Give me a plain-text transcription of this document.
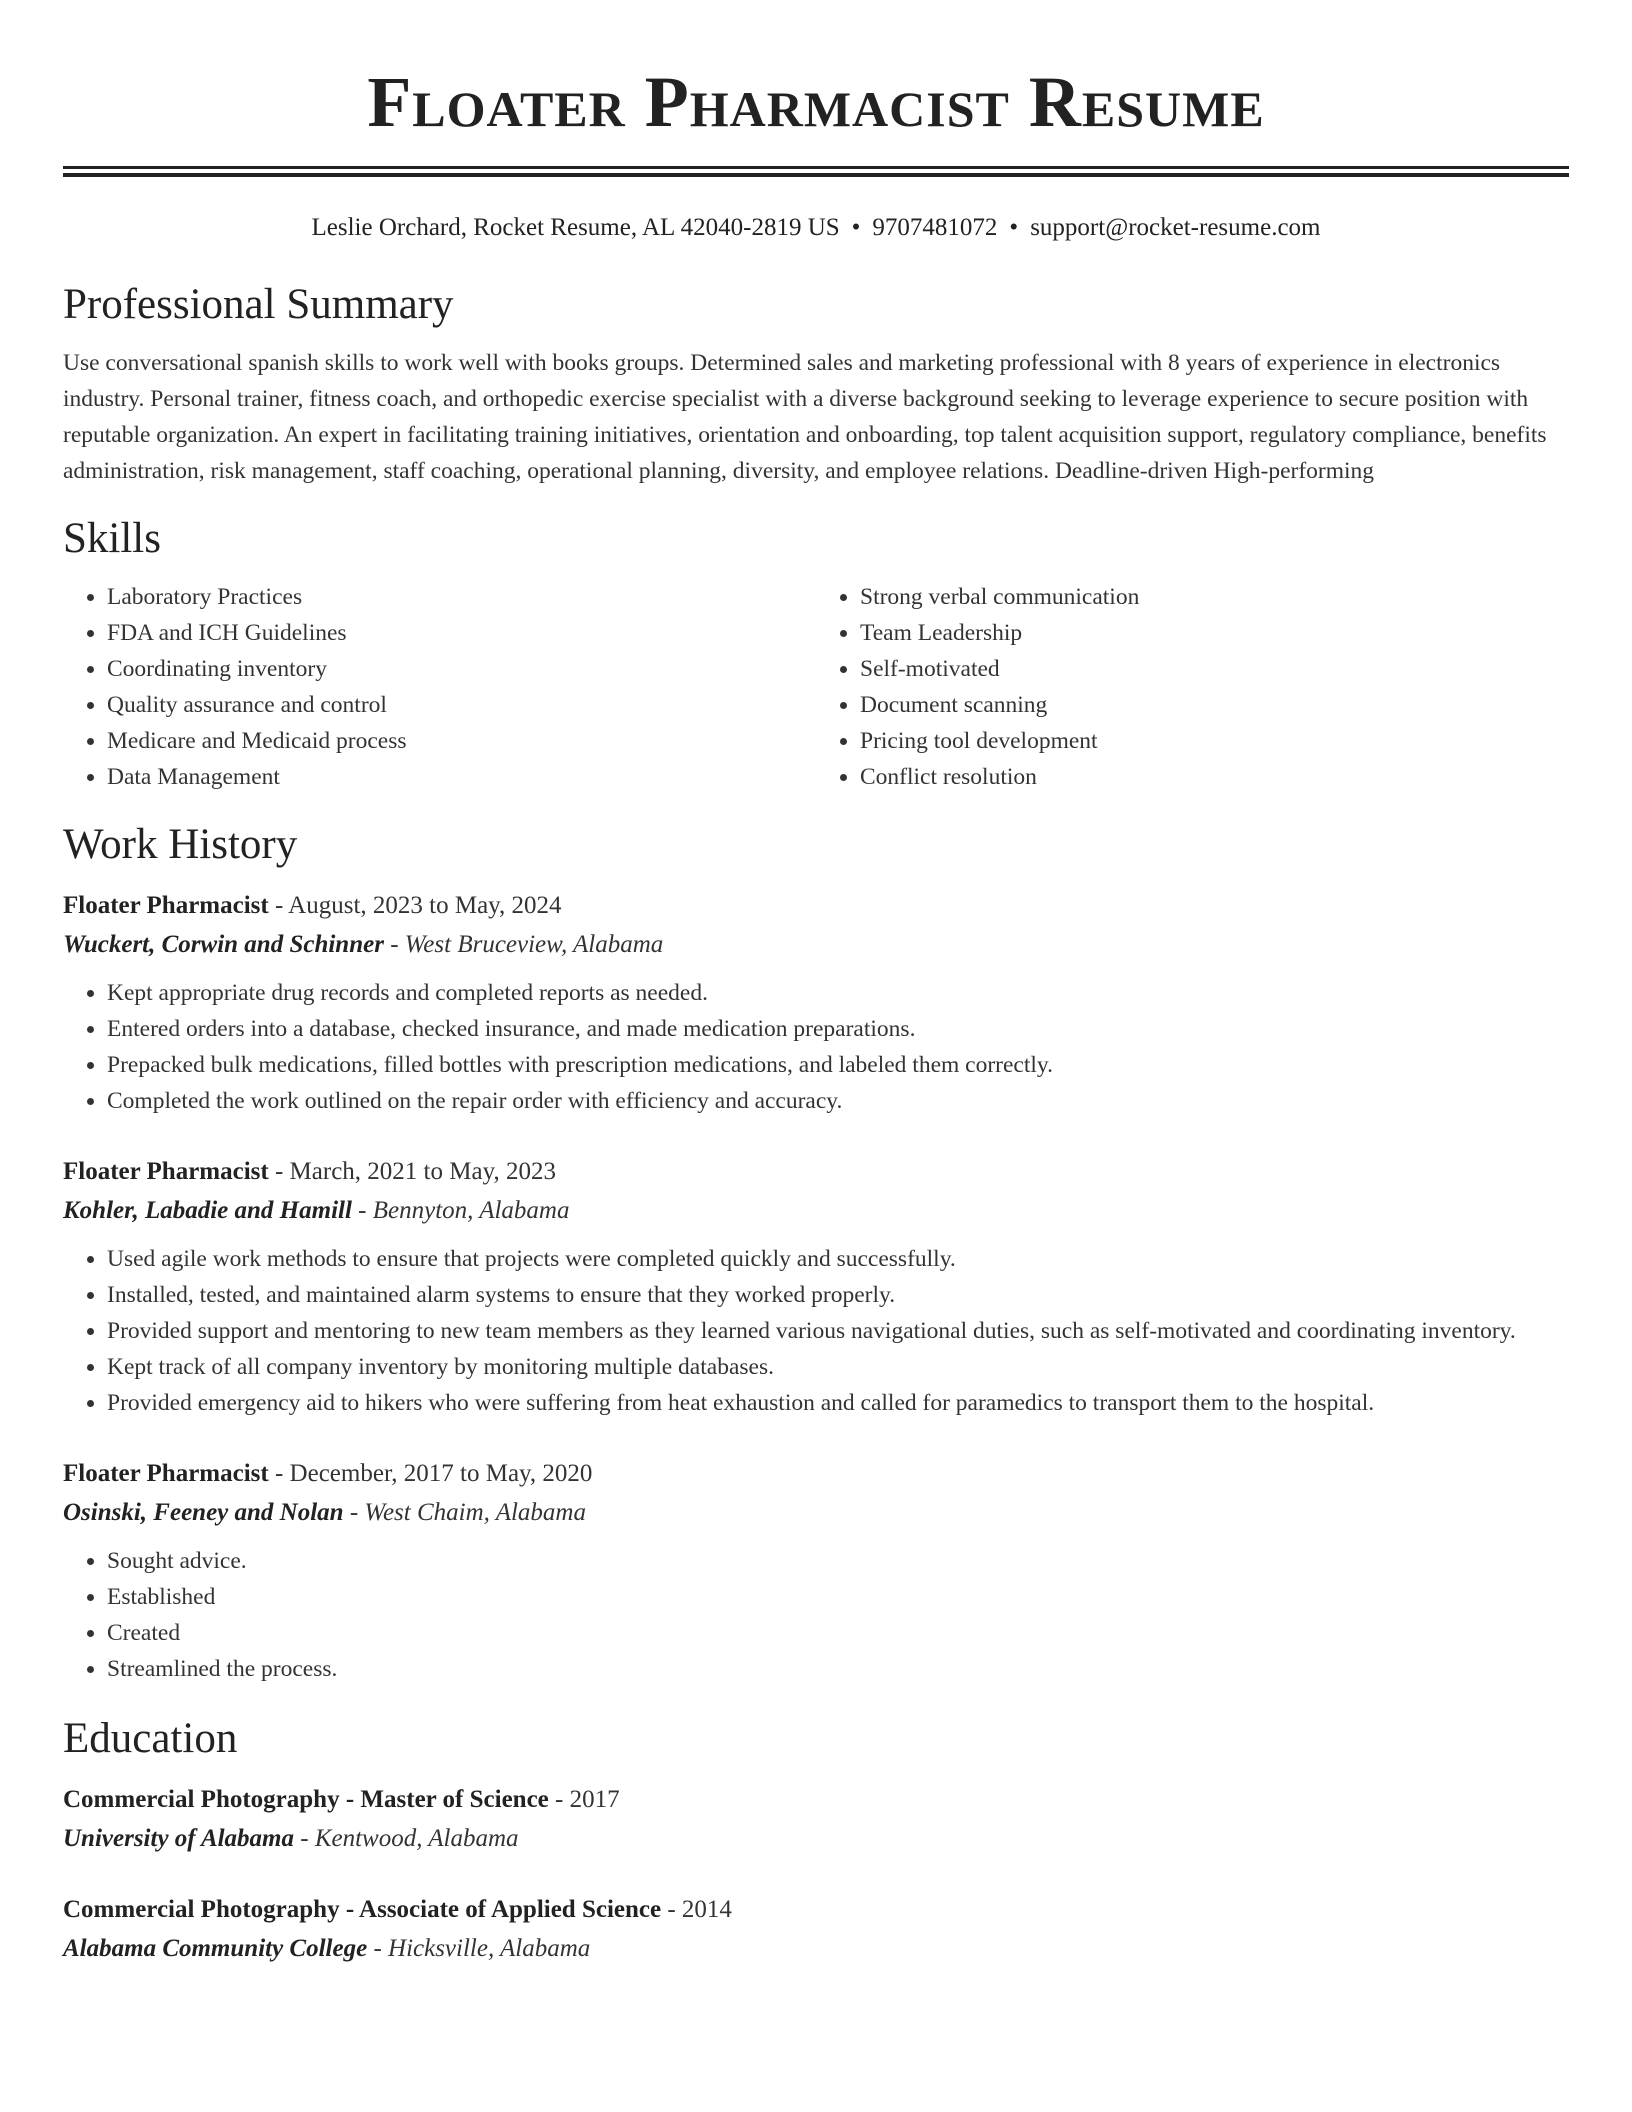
Floater Pharmacist Resume
Leslie Orchard, Rocket Resume, AL 42040-2819 US • 9707481072 • support@rocket-resume.com
Professional Summary

Use conversational spanish skills to work well with books groups. Determined sales and marketing professional with 8 years of experience in electronics industry. Personal trainer, fitness coach, and orthopedic exercise specialist with a diverse background seeking to leverage experience to secure position with reputable organization. An expert in facilitating training initiatives, orientation and onboarding, top talent acquisition support, regulatory compliance, benefits administration, risk management, staff coaching, operational planning, diversity, and employee relations. Deadline-driven High-performing

Skills
• Laboratory Practices
• FDA and ICH Guidelines
• Coordinating inventory
• Quality assurance and control
• Medicare and Medicaid process
• Data Management
• Strong verbal communication
• Team Leadership
• Self-motivated
• Document scanning
• Pricing tool development
• Conflict resolution
Work History
Floater Pharmacist - August, 2023 to May, 2024
Wuckert, Corwin and Schinner - West Bruceview, Alabama
• Kept appropriate drug records and completed reports as needed.
• Entered orders into a database, checked insurance, and made medication preparations.
• Prepacked bulk medications, filled bottles with prescription medications, and labeled them correctly.
• Completed the work outlined on the repair order with efficiency and accuracy.
Floater Pharmacist - March, 2021 to May, 2023
Kohler, Labadie and Hamill - Bennyton, Alabama
• Used agile work methods to ensure that projects were completed quickly and successfully.
• Installed, tested, and maintained alarm systems to ensure that they worked properly.
• Provided support and mentoring to new team members as they learned various navigational duties, such as self-motivated and coordinating inventory.
• Kept track of all company inventory by monitoring multiple databases.
• Provided emergency aid to hikers who were suffering from heat exhaustion and called for paramedics to transport them to the hospital.
Floater Pharmacist - December, 2017 to May, 2020
Osinski, Feeney and Nolan - West Chaim, Alabama
• Sought advice.
• Established
• Created
• Streamlined the process.
Education
Commercial Photography - Master of Science - 2017
University of Alabama - Kentwood, Alabama
Commercial Photography - Associate of Applied Science - 2014
Alabama Community College - Hicksville, Alabama
